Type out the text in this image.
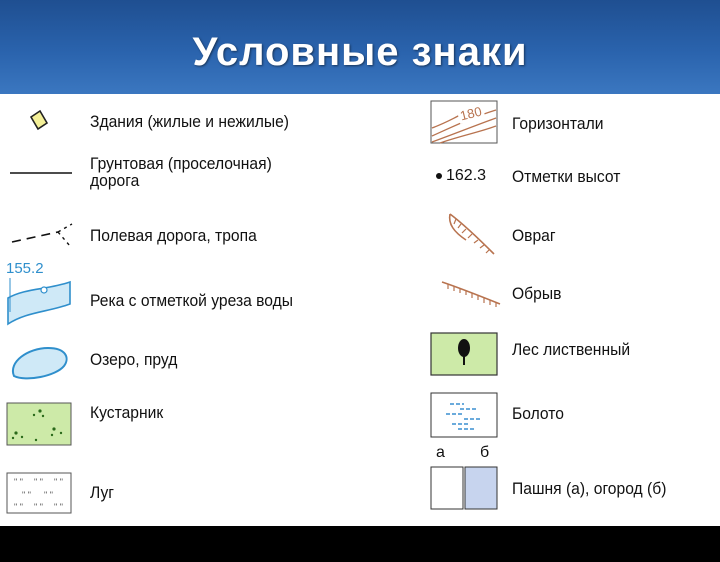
Условные знаки
Здания (жилые и нежилые)
Грунтовая (проселочная) дорога
Полевая дорога, тропа
155.2
Река с отметкой уреза воды
Озеро, пруд
Кустарник
" " " " " "
" " " "
" " " " " "
Луг
180
Горизонтали
162.3 Отметки высот
Овраг
Обрыв
Лес лиственный
Болото
а б
Пашня (а), огород (б)
